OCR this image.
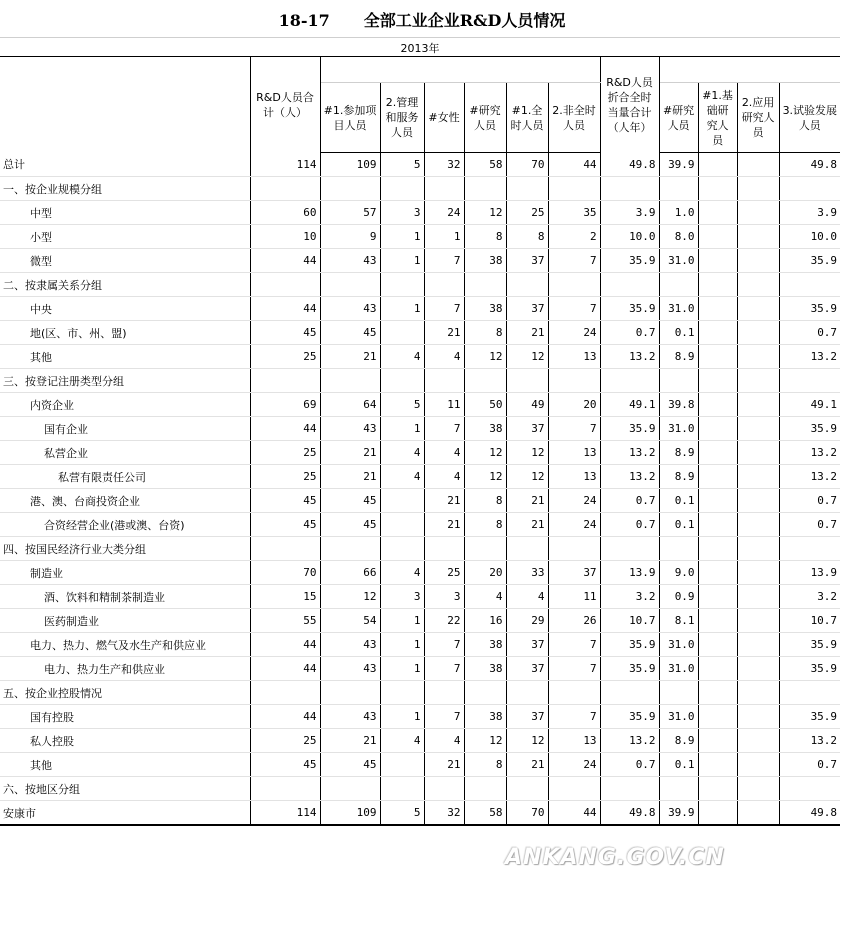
18-17 全部工业企业R&D人员情况
2013年
	R&D人员合计（人）							R&D人员折合全时当量合计（人年）				
		#1.参加项目人员	2.管理和服务人员	#女性	#研究人员	#1.全时人员	2.非全时人员		#研究人员	#1.基础研究人员	2.应用研究人员	3.试验发展人员
总计	114	109	5	32	58	70	44	49.8	39.9			49.8
一、按企业规模分组												
中型	60	57	3	24	12	25	35	3.9	1.0			3.9
小型	10	9	1	1	8	8	2	10.0	8.0			10.0
微型	44	43	1	7	38	37	7	35.9	31.0			35.9
二、按隶属关系分组												
中央	44	43	1	7	38	37	7	35.9	31.0			35.9
地(区、市、州、盟)	45	45		21	8	21	24	0.7	0.1			0.7
其他	25	21	4	4	12	12	13	13.2	8.9			13.2
三、按登记注册类型分组												
内资企业	69	64	5	11	50	49	20	49.1	39.8			49.1
国有企业	44	43	1	7	38	37	7	35.9	31.0			35.9
私营企业	25	21	4	4	12	12	13	13.2	8.9			13.2
私营有限责任公司	25	21	4	4	12	12	13	13.2	8.9			13.2
港、澳、台商投资企业	45	45		21	8	21	24	0.7	0.1			0.7
合资经营企业(港或澳、台资)	45	45		21	8	21	24	0.7	0.1			0.7
四、按国民经济行业大类分组												
制造业	70	66	4	25	20	33	37	13.9	9.0			13.9
酒、饮料和精制茶制造业	15	12	3	3	4	4	11	3.2	0.9			3.2
医药制造业	55	54	1	22	16	29	26	10.7	8.1			10.7
电力、热力、燃气及水生产和供应业	44	43	1	7	38	37	7	35.9	31.0			35.9
电力、热力生产和供应业	44	43	1	7	38	37	7	35.9	31.0			35.9
五、按企业控股情况												
国有控股	44	43	1	7	38	37	7	35.9	31.0			35.9
私人控股	25	21	4	4	12	12	13	13.2	8.9			13.2
其他	45	45		21	8	21	24	0.7	0.1			0.7
六、按地区分组												
安康市	114	109	5	32	58	70	44	49.8	39.9			49.8
ANKANG.GOV.CN
